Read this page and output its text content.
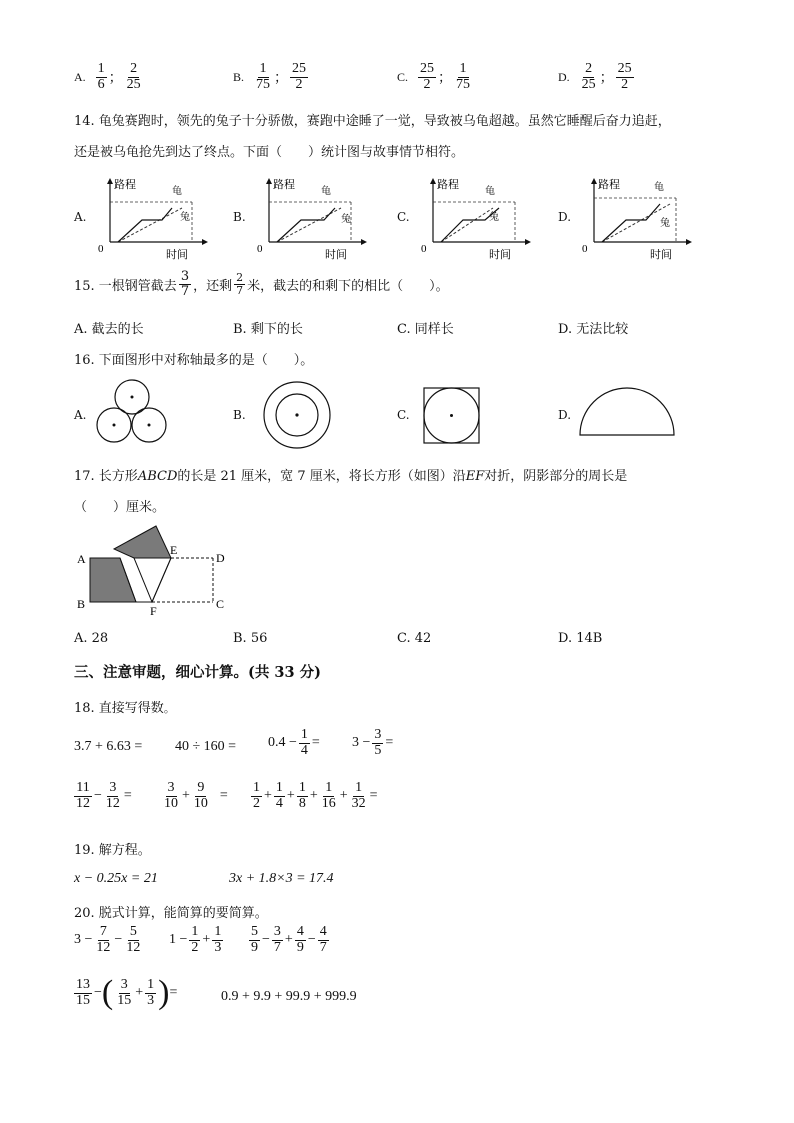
A. $\frac{1}{6}$ ； $\frac{2}{25}$	B. $\frac{1}{75}$ ； $\frac{25}{2}$	C. $\frac{25}{2}$ ； $\frac{1}{75}$	D. $\frac{2}{25}$ ； $\frac{25}{2}$
14. 龟兔赛跑时，领先的兔子十分骄傲，赛跑中途睡了一觉，导致被乌龟超越。虽然它睡醒后奋力追赶，
还是被乌龟抢先到达了终点。下面（　　）统计图与故事情节相符。
A.
路程
时间
0
龟
兔	B.
路程
时间
0
龟
兔	C.
路程
时间
0
龟
兔	D.
路程
时间
0
龟
兔
15. 一根钢管截去 $\frac{3}{7}$ ，还剩 $\frac{2}{7}$ 米，截去的和剩下的相比（　　）。
A. 截去的长	B. 剩下的长	C. 同样长	D. 无法比较
16. 下面图形中对称轴最多的是（　　）。
A.	B.	C.	D.
17. 长方形ABCD的长是 21 厘米，宽 7 厘米，将长方形（如图）沿EF对折，阴影部分的周长是
（　　）厘米。
A
B
E
D
C
F
A. 28	B. 56	C. 42	D. 14B
三、注意审题，细心计算。(共 33 分)
18. 直接写得数。
$3.7 + 6.63 = 40 \div 160 = 0.4 - \frac{1}{4} = 3 - \frac{3}{5}$ =
$\frac{11}{12} - \frac{3}{12} = \frac{3}{10} + \frac{9}{10} = \frac{1}{2} + \frac{1}{4} + \frac{1}{8} + \frac{1}{16} + \frac{1}{32}$ =
19. 解方程。
x − 0.25x = 21	3x + 1.8×3 = 17.4
20. 脱式计算，能简算的要简算。
$3 - \frac{7}{12} - \frac{5}{12} 1 - \frac{1}{2} + \frac{1}{3} \frac{5}{9} - \frac{3}{7} + \frac{4}{9} - \frac{4}{7}$
$\frac{13}{15}$ − ( $\frac{3}{15} + \frac{1}{3}$ ) =	0.9 + 9.9 + 99.9 + 999.9
